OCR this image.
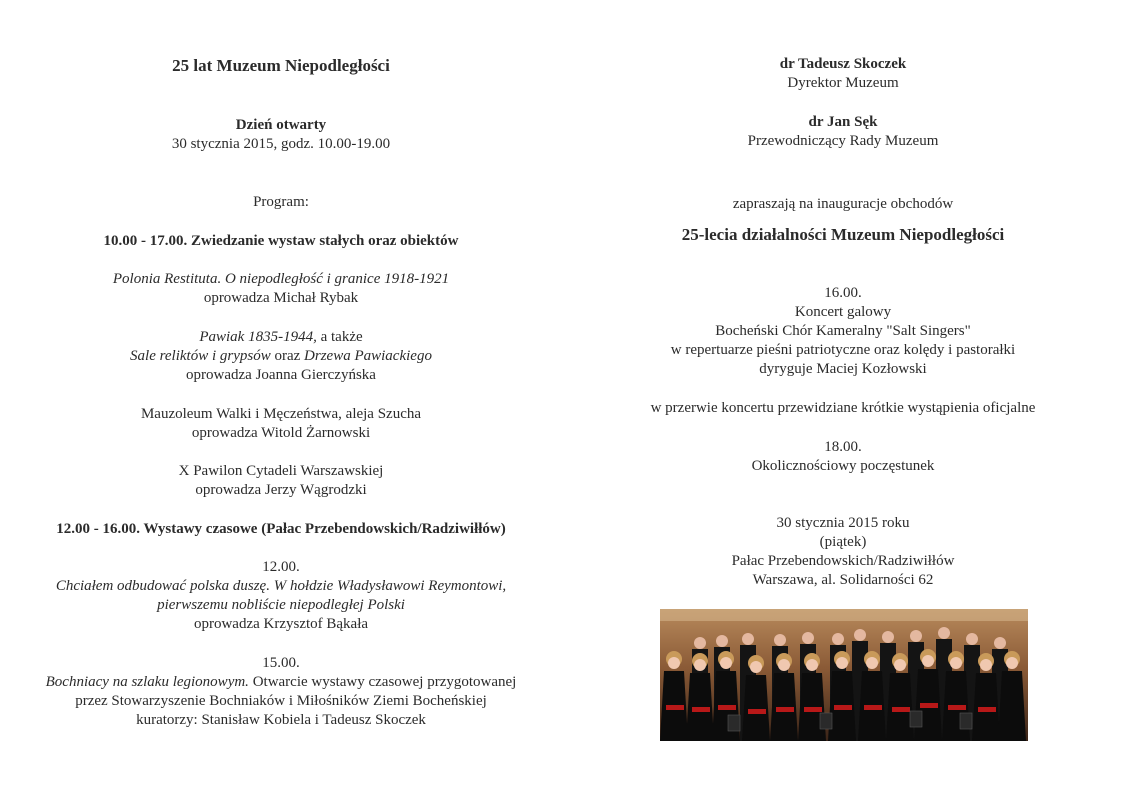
25 lat Muzeum Niepodległości
Dzień otwarty
30 stycznia 2015, godz. 10.00-19.00
Program:
10.00 - 17.00. Zwiedzanie wystaw stałych oraz obiektów
Polonia Restituta. O niepodległość i granice 1918-1921
oprowadza Michał Rybak
Pawiak 1835-1944, a także
Sale reliktów i grypsów oraz Drzewa Pawiackiego
oprowadza Joanna Gierczyńska
Mauzoleum Walki i Męczeństwa, aleja Szucha
oprowadza Witold Żarnowski
X Pawilon Cytadeli Warszawskiej
oprowadza Jerzy Wągrodzki
12.00 - 16.00. Wystawy czasowe (Pałac Przebendowskich/Radziwiłłów)
12.00.
Chciałem odbudować polska duszę. W hołdzie Władysławowi Reymontowi,
pierwszemu nobliście niepodległej Polski
oprowadza Krzysztof Bąkała
15.00.
Bochniacy na szlaku legionowym. Otwarcie wystawy czasowej przygotowanej
przez Stowarzyszenie Bochniaków i Miłośników Ziemi Bocheńskiej
kuratorzy: Stanisław Kobiela i Tadeusz Skoczek
dr Tadeusz Skoczek
Dyrektor Muzeum
dr Jan Sęk
Przewodniczący Rady Muzeum
zapraszają na inauguracje obchodów
25-lecia działalności Muzeum Niepodległości
16.00.
Koncert galowy
Bocheński Chór Kameralny "Salt Singers"
w repertuarze pieśni patriotyczne oraz kolędy i pastorałki
dyryguje Maciej Kozłowski
w przerwie koncertu przewidziane krótkie wystąpienia oficjalne
18.00.
Okolicznościowy poczęstunek
30 stycznia 2015 roku
(piątek)
Pałac Przebendowskich/Radziwiłłów
Warszawa, al. Solidarności 62
